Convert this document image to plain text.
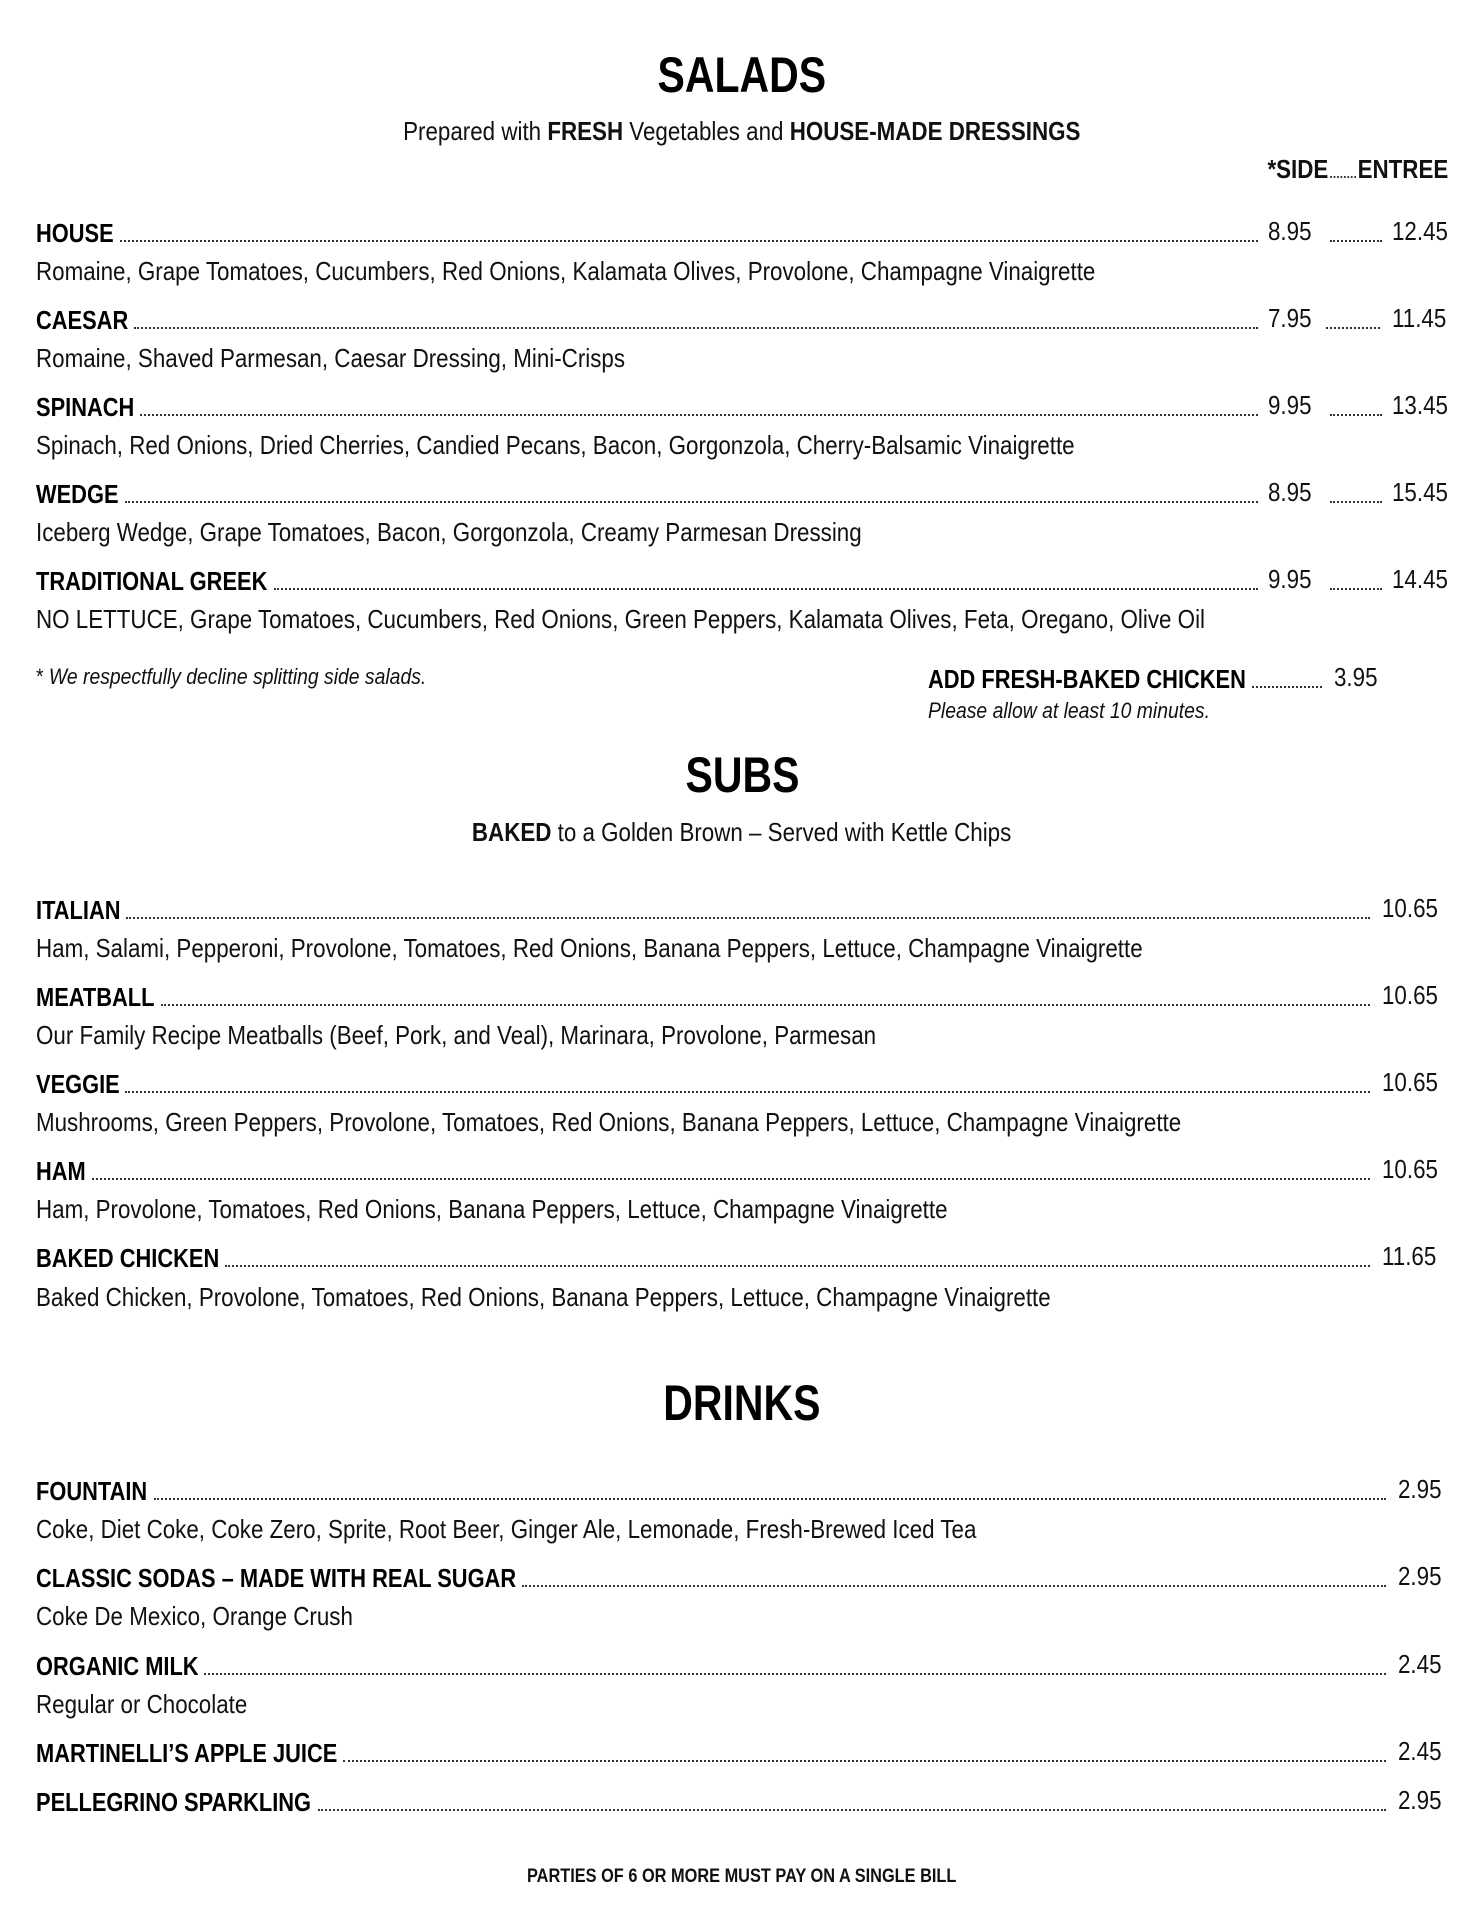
SALADS
Prepared with FRESH Vegetables and HOUSE-MADE DRESSINGS
*SIDE ENTREE
HOUSE	8.95	12.45
Romaine, Grape Tomatoes, Cucumbers, Red Onions, Kalamata Olives, Provolone, Champagne Vinaigrette
CAESAR	7.95	11.45
Romaine, Shaved Parmesan, Caesar Dressing, Mini-Crisps
SPINACH	9.95	13.45
Spinach, Red Onions, Dried Cherries, Candied Pecans, Bacon, Gorgonzola, Cherry-Balsamic Vinaigrette
WEDGE	8.95	15.45
Iceberg Wedge, Grape Tomatoes, Bacon, Gorgonzola, Creamy Parmesan Dressing
TRADITIONAL GREEK	9.95	14.45
NO LETTUCE, Grape Tomatoes, Cucumbers, Red Onions, Green Peppers, Kalamata Olives, Feta, Oregano, Olive Oil
* We respectfully decline splitting side salads.	ADD FRESH-BAKED CHICKEN	3.95
Please allow at least 10 minutes.
SUBS
BAKED to a Golden Brown – Served with Kettle Chips
ITALIAN	10.65
Ham, Salami, Pepperoni, Provolone, Tomatoes, Red Onions, Banana Peppers, Lettuce, Champagne Vinaigrette
MEATBALL	10.65
Our Family Recipe Meatballs (Beef, Pork, and Veal), Marinara, Provolone, Parmesan
VEGGIE	10.65
Mushrooms, Green Peppers, Provolone, Tomatoes, Red Onions, Banana Peppers, Lettuce, Champagne Vinaigrette
HAM	10.65
Ham, Provolone, Tomatoes, Red Onions, Banana Peppers, Lettuce, Champagne Vinaigrette
BAKED CHICKEN	11.65
Baked Chicken, Provolone, Tomatoes, Red Onions, Banana Peppers, Lettuce, Champagne Vinaigrette
DRINKS
FOUNTAIN	2.95
Coke, Diet Coke, Coke Zero, Sprite, Root Beer, Ginger Ale, Lemonade, Fresh-Brewed Iced Tea
CLASSIC SODAS – MADE WITH REAL SUGAR	2.95
Coke De Mexico, Orange Crush
ORGANIC MILK	2.45
Regular or Chocolate
MARTINELLI’S APPLE JUICE	2.45
PELLEGRINO SPARKLING	2.95
PARTIES OF 6 OR MORE MUST PAY ON A SINGLE BILL
